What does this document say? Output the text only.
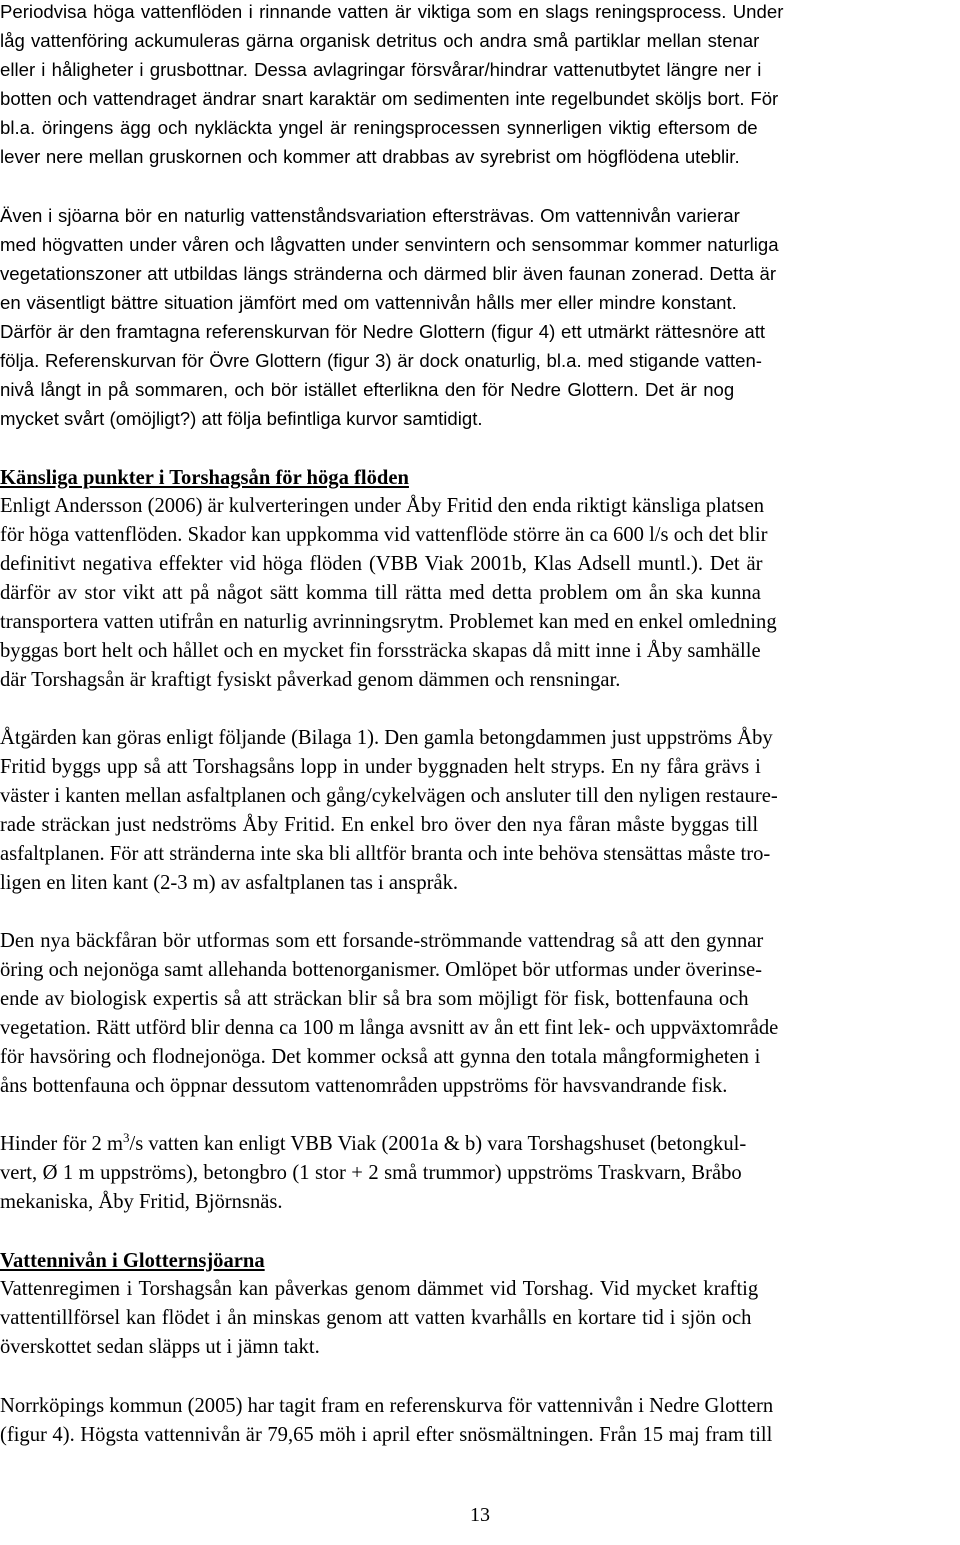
Periodvisa höga vattenflöden i rinnande vatten är viktiga som en slags reningsprocess. Under
låg vattenföring ackumuleras gärna organisk detritus och andra små partiklar mellan stenar
eller i håligheter i grusbottnar. Dessa avlagringar försvårar/hindrar vattenutbytet längre ner i
botten och vattendraget ändrar snart karaktär om sedimenten inte regelbundet sköljs bort. För
bl.a. öringens ägg och nykläckta yngel är reningsprocessen synnerligen viktig eftersom de
lever nere mellan gruskornen och kommer att drabbas av syrebrist om högflödena uteblir.
Även i sjöarna bör en naturlig vattenståndsvariation eftersträvas. Om vattennivån varierar
med högvatten under våren och lågvatten under senvintern och sensommar kommer naturliga
vegetationszoner att utbildas längs stränderna och därmed blir även faunan zonerad. Detta är
en väsentligt bättre situation jämfört med om vattennivån hålls mer eller mindre konstant.
Därför är den framtagna referenskurvan för Nedre Glottern (figur 4) ett utmärkt rättesnöre att
följa. Referenskurvan för Övre Glottern (figur 3) är dock onaturlig, bl.a. med stigande vatten-
nivå långt in på sommaren, och bör istället efterlikna den för Nedre Glottern. Det är nog
mycket svårt (omöjligt?) att följa befintliga kurvor samtidigt.
Känsliga punkter i Torshagsån för höga flöden
Enligt Andersson (2006) är kulverteringen under Åby Fritid den enda riktigt känsliga platsen
för höga vattenflöden. Skador kan uppkomma vid vattenflöde större än ca 600 l/s och det blir
definitivt negativa effekter vid höga flöden (VBB Viak 2001b, Klas Adsell muntl.). Det är
därför av stor vikt att på något sätt komma till rätta med detta problem om ån ska kunna
transportera vatten utifrån en naturlig avrinningsrytm. Problemet kan med en enkel omledning
byggas bort helt och hållet och en mycket fin forssträcka skapas då mitt inne i Åby samhälle
där Torshagsån är kraftigt fysiskt påverkad genom dämmen och rensningar.
Åtgärden kan göras enligt följande (Bilaga 1). Den gamla betongdammen just uppströms Åby
Fritid byggs upp så att Torshagsåns lopp in under byggnaden helt stryps. En ny fåra grävs i
väster i kanten mellan asfaltplanen och gång/cykelvägen och ansluter till den nyligen restaure-
rade sträckan just nedströms Åby Fritid. En enkel bro över den nya fåran måste byggas till
asfaltplanen. För att stränderna inte ska bli alltför branta och inte behöva stensättas måste tro-
ligen en liten kant (2-3 m) av asfaltplanen tas i anspråk.
Den nya bäckfåran bör utformas som ett forsande-strömmande vattendrag så att den gynnar
öring och nejonöga samt allehanda bottenorganismer. Omlöpet bör utformas under överinse-
ende av biologisk expertis så att sträckan blir så bra som möjligt för fisk, bottenfauna och
vegetation. Rätt utförd blir denna ca 100 m långa avsnitt av ån ett fint lek- och uppväxtområde
för havsöring och flodnejonöga. Det kommer också att gynna den totala mångformigheten i
åns bottenfauna och öppnar dessutom vattenområden uppströms för havsvandrande fisk.
Hinder för 2 $m^3/s$ vatten kan enligt VBB Viak (2001a & b) vara Torshagshuset (betongkul-
vert, Ø 1 m uppströms), betongbro (1 stor + 2 små trummor) uppströms Traskvarn, Bråbo
mekaniska, Åby Fritid, Björnsnäs.
Vattennivån i Glotternsjöarna
Vattenregimen i Torshagsån kan påverkas genom dämmet vid Torshag. Vid mycket kraftig
vattentillförsel kan flödet i ån minskas genom att vatten kvarhålls en kortare tid i sjön och
överskottet sedan släpps ut i jämn takt.
Norrköpings kommun (2005) har tagit fram en referenskurva för vattennivån i Nedre Glottern
(figur 4). Högsta vattennivån är 79,65 möh i april efter snösmältningen. Från 15 maj fram till
13
